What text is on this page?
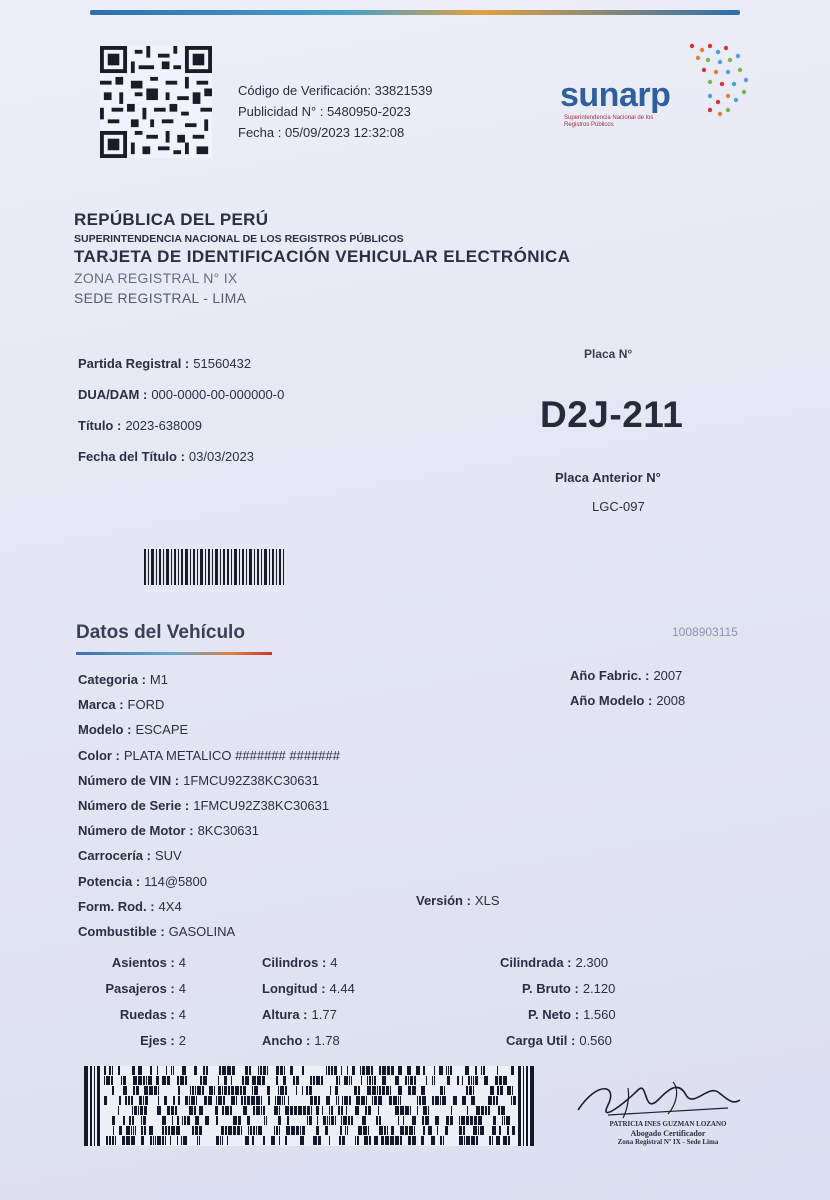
Código de Verificación: 33821539
Publicidad N° : 5480950-2023
Fecha : 05/09/2023 12:32:08
sunarp
Superintendencia Nacional de los Registros Públicos
REPÚBLICA DEL PERÚ
SUPERINTENDENCIA NACIONAL DE LOS REGISTROS PÚBLICOS
TARJETA DE IDENTIFICACIÓN VEHICULAR ELECTRÓNICA
ZONA REGISTRAL N° IX
SEDE REGISTRAL - LIMA
Partida Registral : 51560432
DUA/DAM : 000-0000-00-000000-0
Título : 2023-638009
Fecha del Título : 03/03/2023
Placa N°
D2J-211
Placa Anterior N°
LGC-097
Datos del Vehículo	1008903115
Categoria : M1
Marca : FORD
Modelo : ESCAPE
Color : PLATA METALICO ####### #######
Número de VIN : 1FMCU92Z38KC30631
Número de Serie : 1FMCU92Z38KC30631
Número de Motor : 8KC30631
Carrocería : SUV
Potencia : 114@5800
Form. Rod. : 4X4
Combustible : GASOLINA
Año Fabric. : 2007
Año Modelo : 2008
Versión : XLS
Asientos : 4
Pasajeros : 4
Ruedas : 4
Ejes : 2
Cilindros : 4
Longitud : 4.44
Altura : 1.77
Ancho : 1.78
Cilindrada : 2.300
P. Bruto : 2.120
P. Neto : 1.560
Carga Util : 0.560
PATRICIA INES GUZMAN LOZANO
Abogado Certificador
Zona Registral Nº IX - Sede Lima
